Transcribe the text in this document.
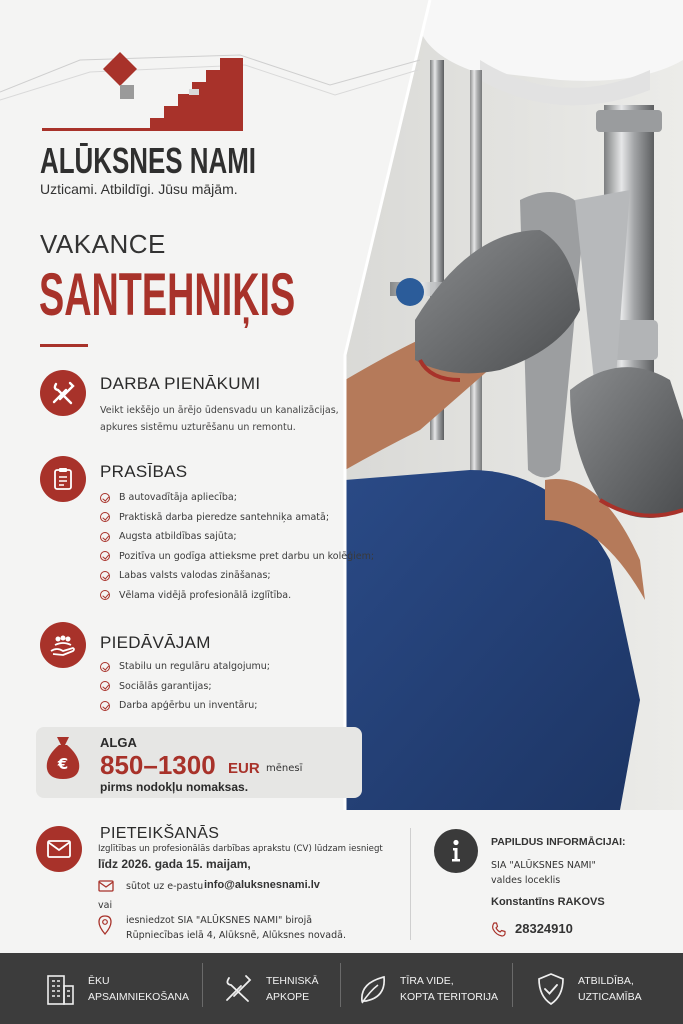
ALŪKSNES NAMI
Uzticami. Atbildīgi. Jūsu mājām.
VAKANCE
SANTEHNIĶIS
DARBA PIENĀKUMI
Veikt iekšējo un ārējo ūdensvadu un kanalizācijas,
apkures sistēmu uzturēšanu un remontu.
PRASĪBAS
B autovadītāja apliecība;
Praktiskā darba pieredze santehniķa amatā;
Augsta atbildības sajūta;
Pozitīva un godīga attieksme pret darbu un kolēģiem;
Labas valsts valodas zināšanas;
Vēlama vidējā profesionālā izglītība.
PIEDĀVĀJAM
Stabilu un regulāru atalgojumu;
Sociālās garantijas;
Darba apģērbu un inventāru;
€
ALGA
850–1300 EUR mēnesī
pirms nodokļu nomaksas.
PIETEIKŠANĀS
Izglītības un profesionālās darbības aprakstu (CV) lūdzam iesniegt
līdz 2026. gada 15. maijam,
sūtot uz e-pastu info@aluksnesnami.lv
vai
iesniedzot SIA "ALŪKSNES NAMI" birojā
Rūpniecības ielā 4, Alūksnē, Alūksnes novadā.
PAPILDUS INFORMĀCIJAI:
SIA "ALŪKSNES NAMI"
valdes loceklis
Konstantīns RAKOVS
28324910
ĒKU
APSAIMNIEKOŠANA
TEHNISKĀ
APKOPE
TĪRA VIDE,
KOPTA TERITORIJA
ATBILDĪBA,
UZTICAMĪBA
